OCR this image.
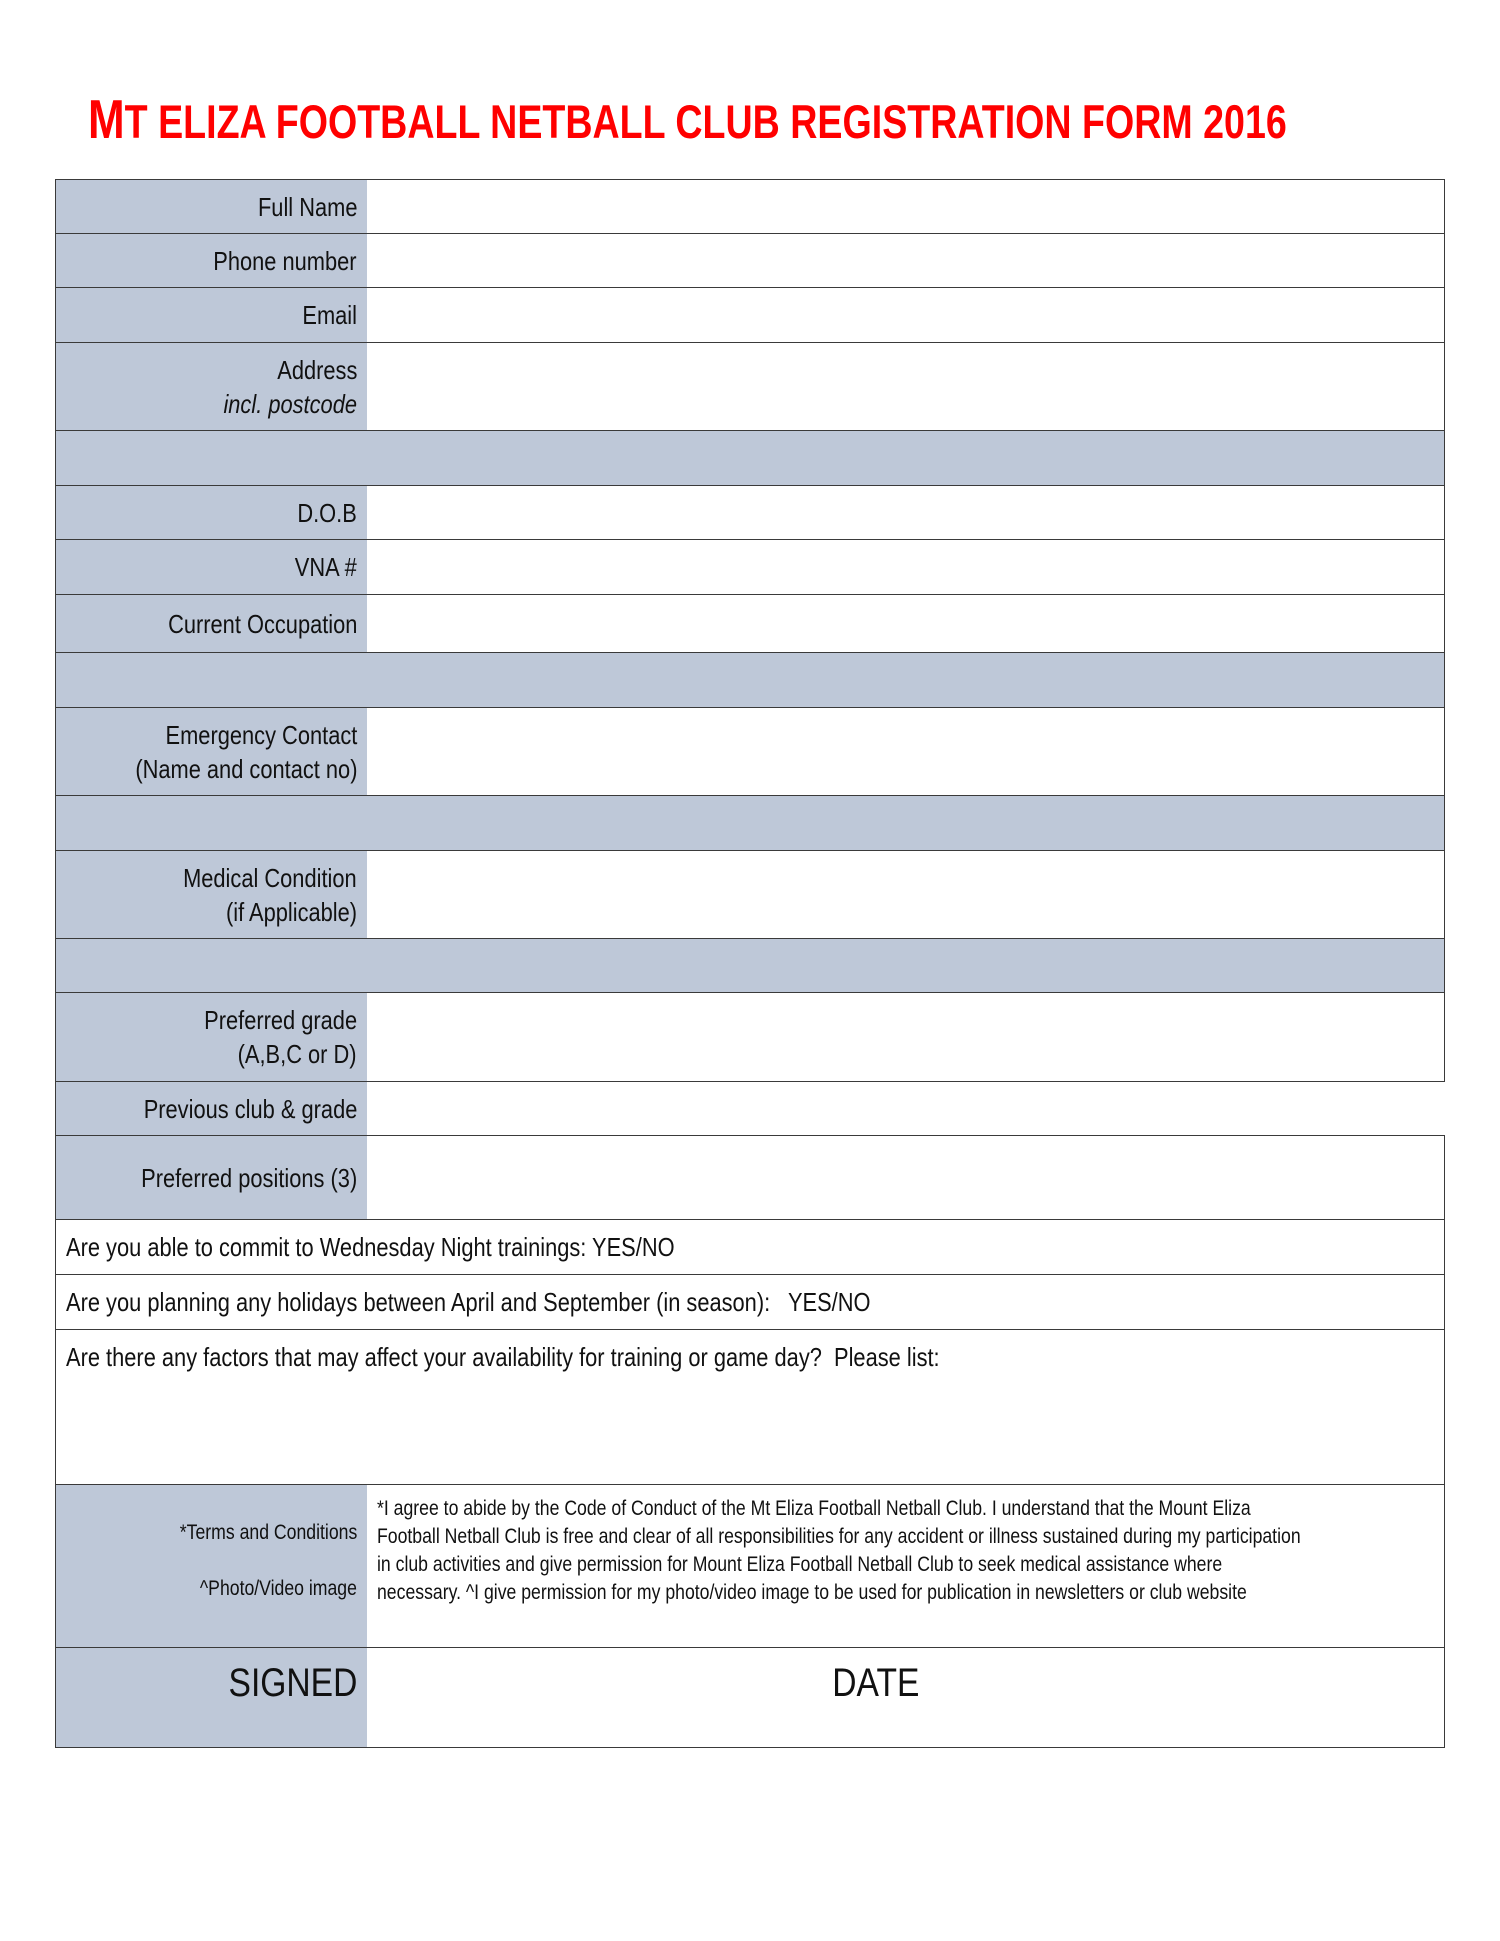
MT ELIZA FOOTBALL NETBALL CLUB REGISTRATION FORM 2016
Full Name
Phone number
Email
Address
incl. postcode
D.O.B
VNA #
Current Occupation
Emergency Contact
(Name and contact no)
Medical Condition
(if Applicable)
Preferred grade
(A,B,C or D)
Previous club & grade
Preferred positions (3)
Are you able to commit to Wednesday Night trainings: YES/NO
Are you planning any holidays between April and September (in season):   YES/NO
Are there any factors that may affect your availability for training or game day?  Please list:
*Terms and Conditions
^Photo/Video image
*I agree to abide by the Code of Conduct of the Mt Eliza Football Netball Club. I understand that the Mount Eliza
Football Netball Club is free and clear of all responsibilities for any accident or illness sustained during my participation
in club activities and give permission for Mount Eliza Football Netball Club to seek medical assistance where
necessary. ^I give permission for my photo/video image to be used for publication in newsletters or club website
SIGNED	DATE
